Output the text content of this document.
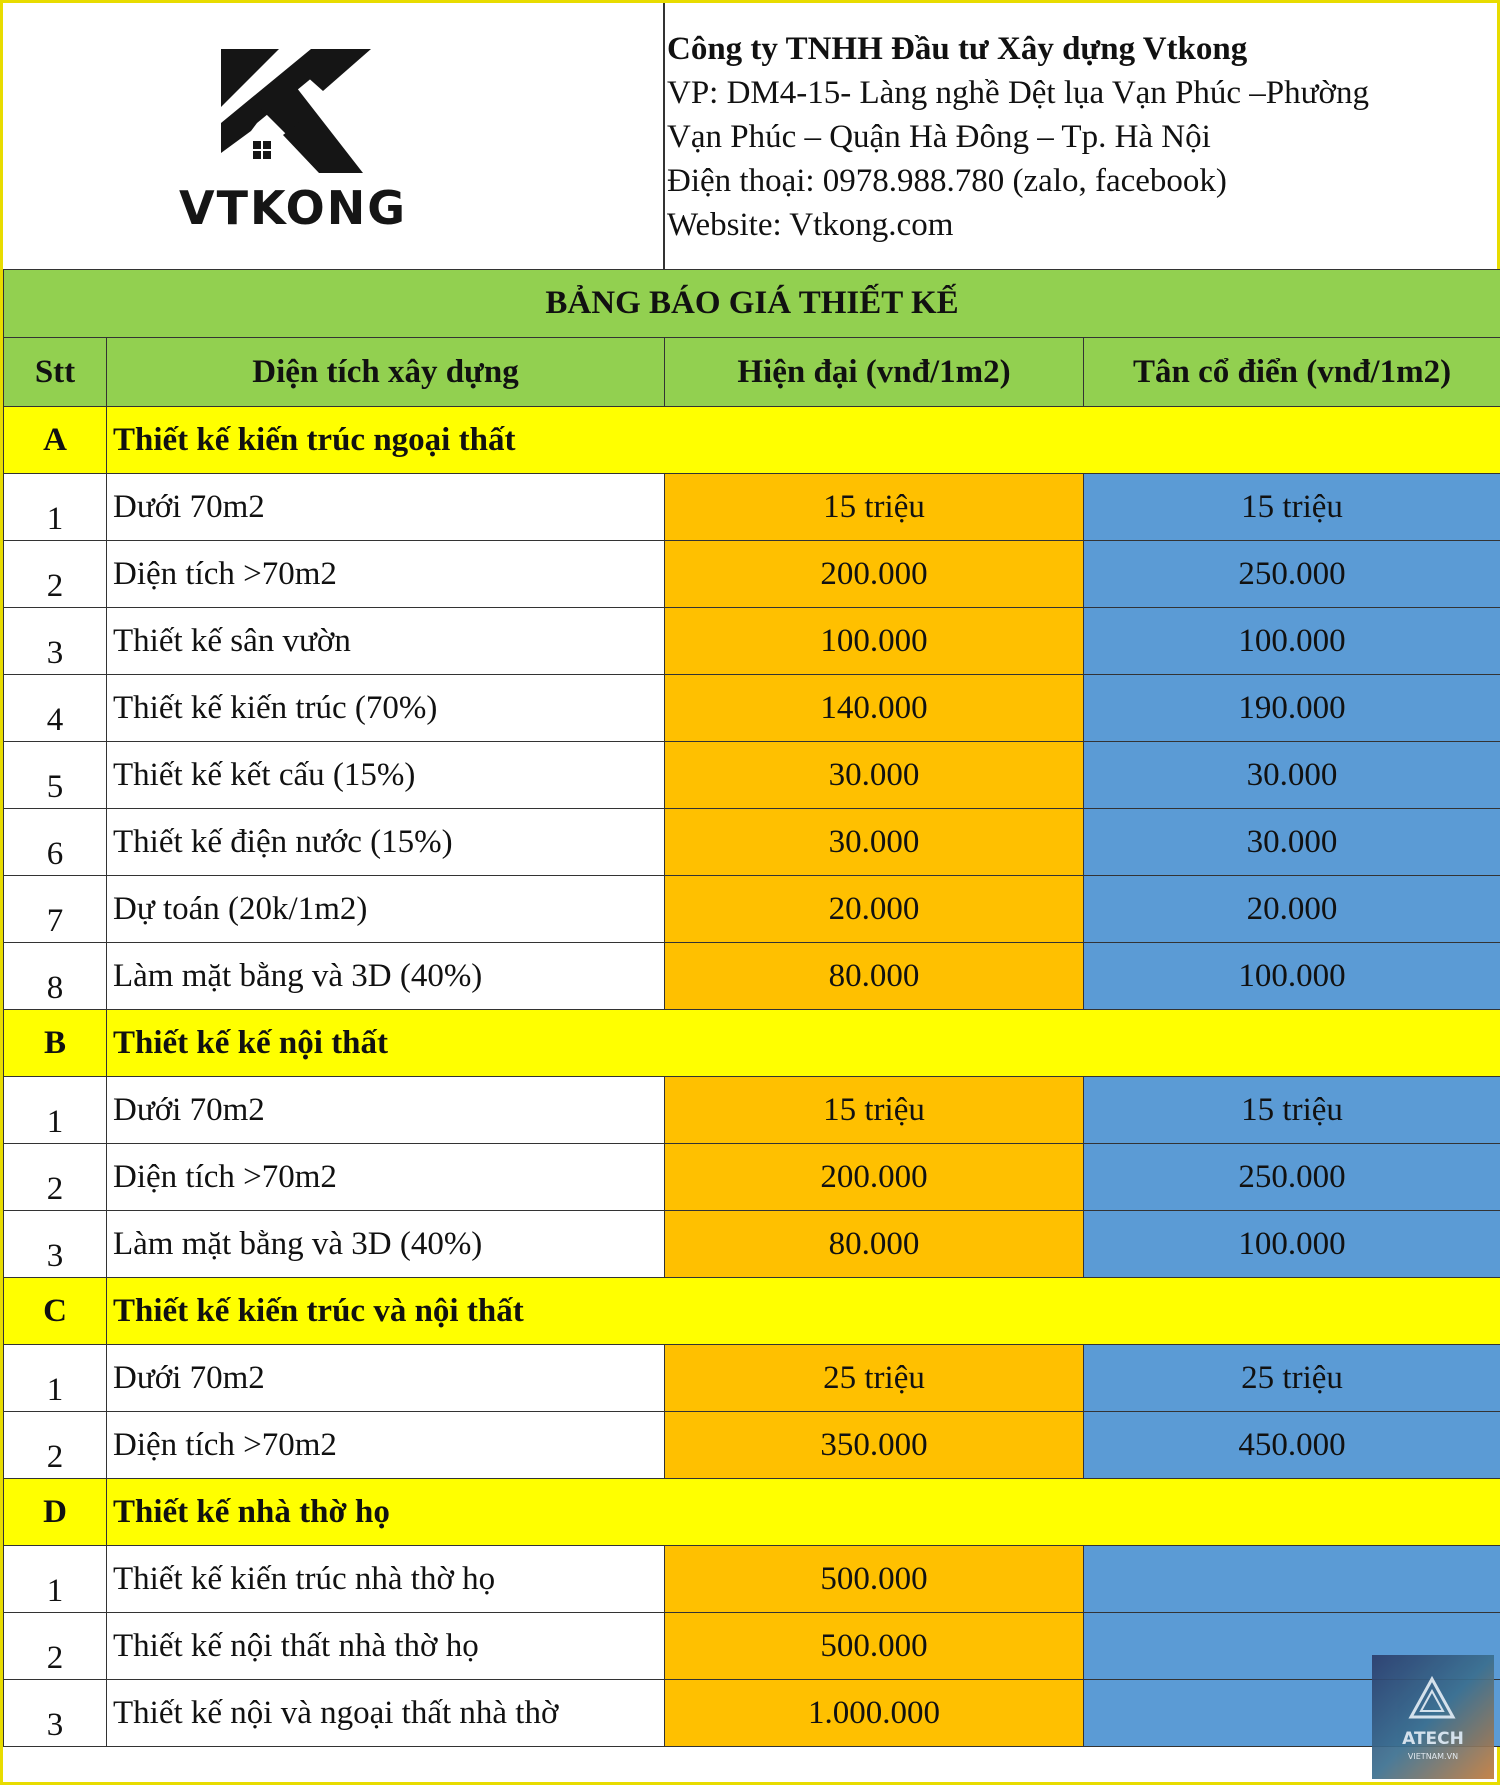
VTKONG
Công ty TNHH Đầu tư Xây dựng Vtkong
VP: DM4-15- Làng nghề Dệt lụa Vạn Phúc –Phường
Vạn Phúc – Quận Hà Đông – Tp. Hà Nội
Điện thoại: 0978.988.780 (zalo, facebook)
Website: Vtkong.com
BẢNG BÁO GIÁ THIẾT KẾ			
Stt	Diện tích xây dựng	Hiện đại (vnđ/1m2)	Tân cổ điển (vnđ/1m2)
A	Thiết kế kiến trúc ngoại thất		
1	Dưới 70m2	15 triệu	15 triệu
2	Diện tích >70m2	200.000	250.000
3	Thiết kế sân vườn	100.000	100.000
4	Thiết kế kiến trúc (70%)	140.000	190.000
5	Thiết kế kết cấu (15%)	30.000	30.000
6	Thiết kế điện nước (15%)	30.000	30.000
7	Dự toán (20k/1m2)	20.000	20.000
8	Làm mặt bằng và 3D (40%)	80.000	100.000
B	Thiết kế kế nội thất		
1	Dưới 70m2	15 triệu	15 triệu
2	Diện tích >70m2	200.000	250.000
3	Làm mặt bằng và 3D (40%)	80.000	100.000
C	Thiết kế kiến trúc và nội thất		
1	Dưới 70m2	25 triệu	25 triệu
2	Diện tích >70m2	350.000	450.000
D	Thiết kế nhà thờ họ		
1	Thiết kế kiến trúc nhà thờ họ	500.000	
2	Thiết kế nội thất nhà thờ họ	500.000	
3	Thiết kế nội và ngoại thất nhà thờ	1.000.000	
ATECH
VIETNAM.VN
